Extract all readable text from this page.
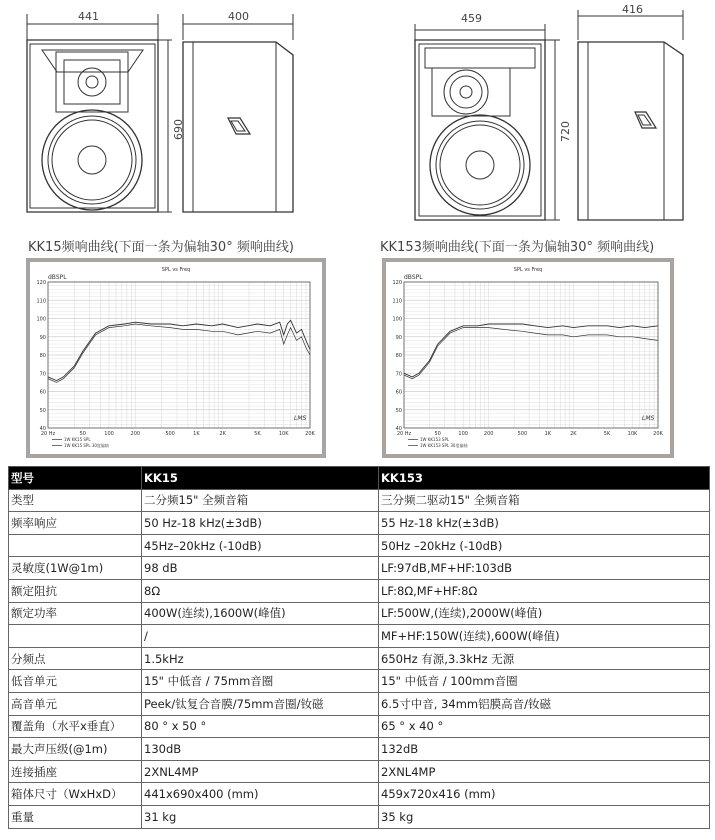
441	400
690
459
416
720
KK15频响曲线(下面一条为偏轴30° 频响曲线)	KK153频响曲线(下面一条为偏轴30° 频响曲线)
SPL vs Freq
dBSPL
120
110
100
90
80
70
60
50
40
20 Hz	50	100	200	500	1K	2K	5K	10K	20K
LMS
1W KK15 SPL
1W KK15 SPL 30度偏轴
SPL vs Freq
dBSPL
120
110
100
90
80
70
60
50
40
20 Hz	50	100	200	500	1K	2K	5K	10K	20K
LMS
1W KK153 SPL
1W KK153 SPL 30度偏轴
型号	KK15	KK153
类型	二分频15" 全频音箱	三分频二驱动15" 全频音箱
频率响应	50 Hz-18 kHz(±3dB)	55 Hz-18 kHz(±3dB)
	45Hz–20kHz (-10dB)	50Hz –20kHz (-10dB)
灵敏度(1W@1m)	98 dB	LF:97dB,MF+HF:103dB
额定阻抗	8Ω	LF:8Ω,MF+HF:8Ω
额定功率	400W(连续),1600W(峰值)	LF:500W,(连续),2000W(峰值)
	/	MF+HF:150W(连续),600W(峰值)
分频点	1.5kHz	650Hz 有源,3.3kHz 无源
低音单元	15" 中低音 / 75mm音圈	15" 中低音 / 100mm音圈
高音单元	Peek/钛复合音膜/75mm音圈/钕磁	6.5寸中音, 34mm铝膜高音/钕磁
覆盖角（水平x垂直）	80 ° x 50 °	65 ° x 40 °
最大声压级(@1m)	130dB	132dB
连接插座	2XNL4MP	2XNL4MP
箱体尺寸（WxHxD）	441x690x400 (mm)	459x720x416 (mm)
重量	31 kg	35 kg
